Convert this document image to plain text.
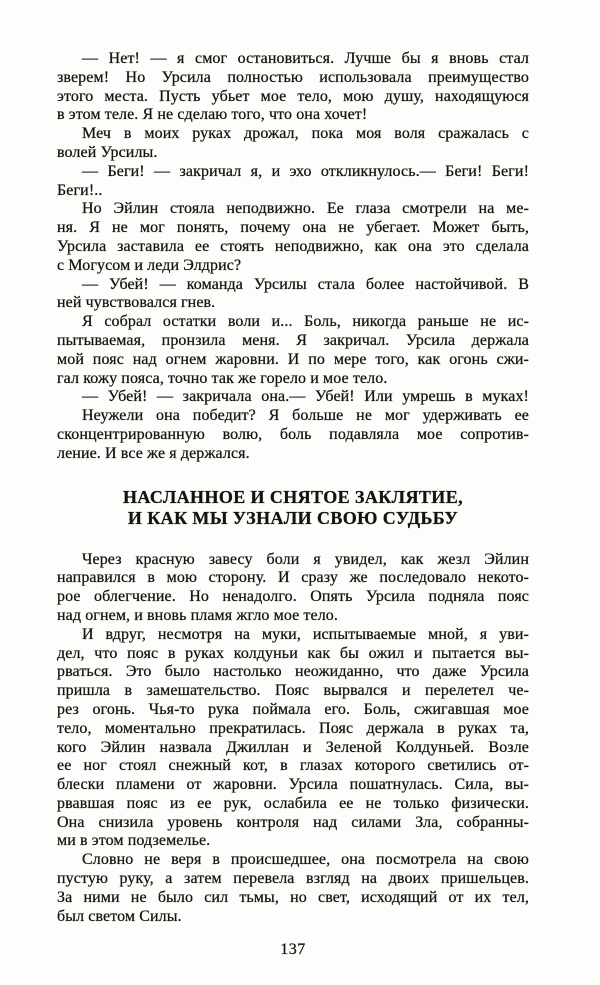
— Нет! — я смог остановиться. Лучше бы я вновь стал
зверем! Но Урсила полностью использовала преимущество
этого места. Пусть убьет мое тело, мою душу, находящуюся
в этом теле. Я не сделаю того, что она хочет!
Меч в моих руках дрожал, пока моя воля сражалась с
волей Урсилы.
— Беги! — закричал я, и эхо откликнулось.— Беги! Беги!
Беги!..
Но Эйлин стояла неподвижно. Ее глаза смотрели на ме-
ня. Я не мог понять, почему она не убегает. Может быть,
Урсила заставила ее стоять неподвижно, как она это сделала
с Могусом и леди Элдрис?
— Убей! — команда Урсилы стала более настойчивой. В
ней чувствовался гнев.
Я собрал остатки воли и... Боль, никогда раньше не ис-
пытываемая, пронзила меня. Я закричал. Урсила держала
мой пояс над огнем жаровни. И по мере того, как огонь сжи-
гал кожу пояса, точно так же горело и мое тело.
— Убей! — закричала она.— Убей! Или умрешь в муках!
Неужели она победит? Я больше не мог удерживать ее
сконцентрированную волю, боль подавляла мое сопротив-
ление. И все же я держался.
НАСЛАННОЕ И СНЯТОЕ ЗАКЛЯТИЕ,
И КАК МЫ УЗНАЛИ СВОЮ СУДЬБУ
Через красную завесу боли я увидел, как жезл Эйлин
направился в мою сторону. И сразу же последовало некото-
рое облегчение. Но ненадолго. Опять Урсила подняла пояс
над огнем, и вновь пламя жгло мое тело.
И вдруг, несмотря на муки, испытываемые мной, я уви-
дел, что пояс в руках колдуньи как бы ожил и пытается вы-
рваться. Это было настолько неожиданно, что даже Урсила
пришла в замешательство. Пояс вырвался и перелетел че-
рез огонь. Чья-то рука поймала его. Боль, сжигавшая мое
тело, моментально прекратилась. Пояс держала в руках та,
кого Эйлин назвала Джиллан и Зеленой Колдуньей. Возле
ее ног стоял снежный кот, в глазах которого светились от-
блески пламени от жаровни. Урсила пошатнулась. Сила, вы-
рвавшая пояс из ее рук, ослабила ее не только физически.
Она снизила уровень контроля над силами Зла, собранны-
ми в этом подземелье.
Словно не веря в происшедшее, она посмотрела на свою
пустую руку, а затем перевела взгляд на двоих пришельцев.
За ними не было сил тьмы, но свет, исходящий от их тел,
был светом Силы.
137
